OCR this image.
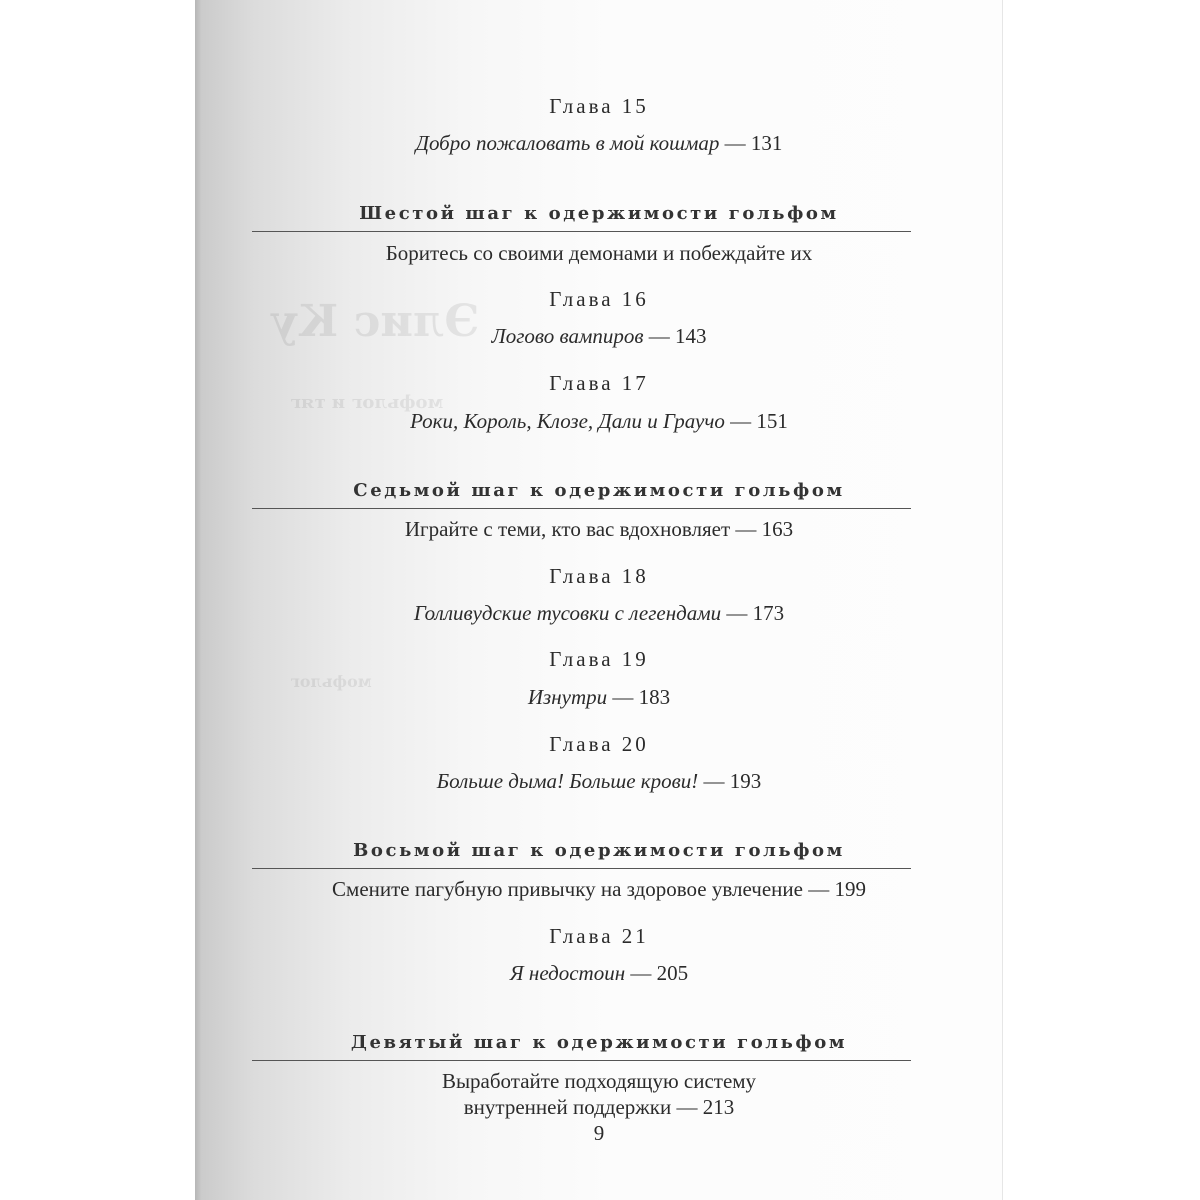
Элис Ку
мофьлог и тяг
мофьлог
Глава 15
Добро пожаловать в мой кошмар — 131
Шестой шаг к одержимости гольфом
Боритесь со своими демонами и побеждайте их
Глава 16
Логово вампиров — 143
Глава 17
Роки, Король, Клозе, Дали и Граучо — 151
Седьмой шаг к одержимости гольфом
Играйте с теми, кто вас вдохновляет — 163
Глава 18
Голливудские тусовки с легендами — 173
Глава 19
Изнутри — 183
Глава 20
Больше дыма! Больше крови! — 193
Восьмой шаг к одержимости гольфом
Смените пагубную привычку на здоровое увлечение — 199
Глава 21
Я недостоин — 205
Девятый шаг к одержимости гольфом
Выработайте подходящую систему
внутренней поддержки — 213
9
